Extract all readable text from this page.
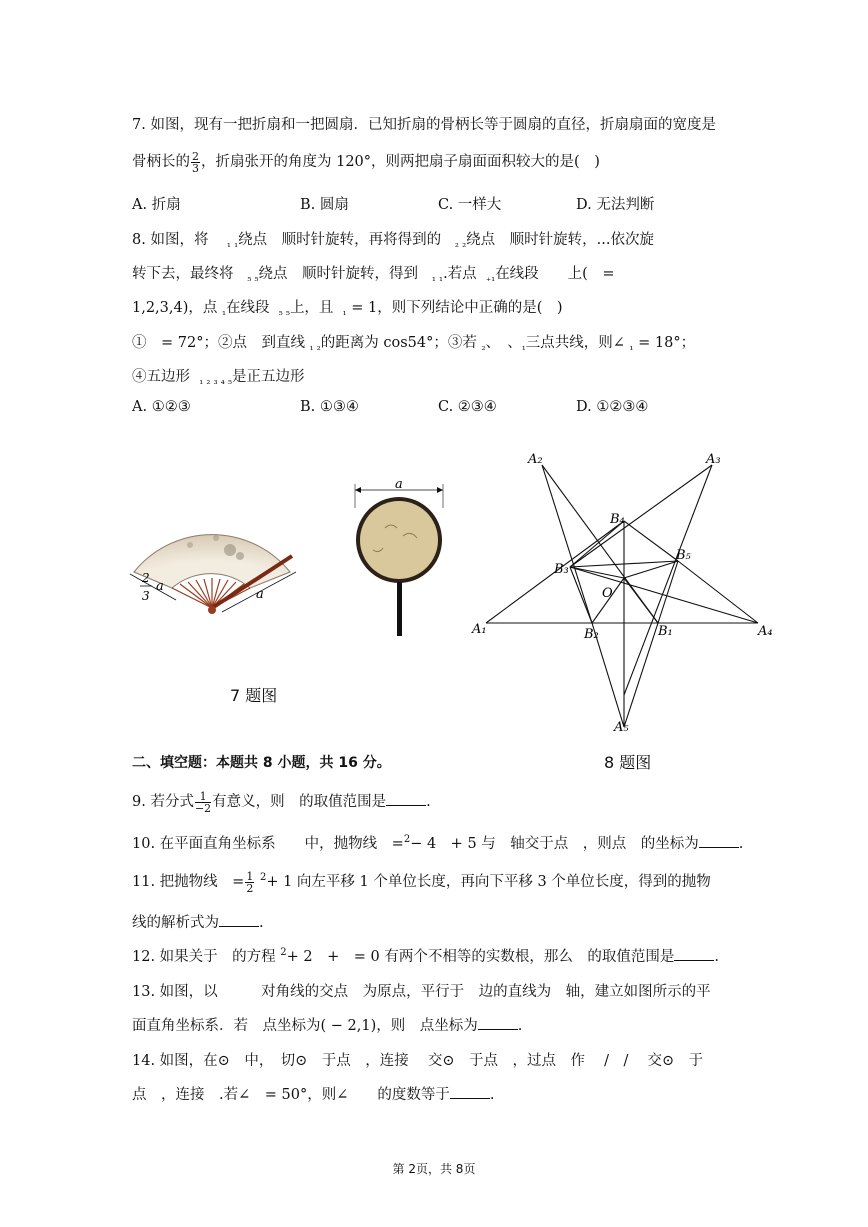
7. 如图，现有一把折扇和一把圆扇．已知折扇的骨柄长等于圆扇的直径，折扇扇面的宽度是
骨柄长的 $\frac{2}{3}$ ，折扇张开的角度为 120°，则两把扇子扇面面积较大的是(　)
A. 折扇	B. 圆扇	C. 一样大	D. 无法判断
8. 如图，将 $_{_1 _1}$绕点　顺时针旋转，再将得到的 $_{_2 _2}$绕点　顺时针旋转，...依次旋
转下去，最终将 $_{_5 _5}$绕点　顺时针旋转，得到 $_{_1 _1}$.若点 $_{_{+1}}$在线段　　上(　=
1,2,3,4)，点 $_{_1}$在线段 $_{_5 _5}$上，且 $_{_1}$ = 1，则下列结论中正确的是(　)
①　= 72°；②点　到直线 $_{_1 _2}$的距离为 cos54°；③若 $_{_2}$、　、$_{_1}$三点共线，则∠ $_{_1}$ = 18°；
④五边形 $_{_1 _2 _3 _4 _5}$是正五边形
A. ①②③	B. ①③④	C. ②③④	D. ①②③④
2
3
a
a
a
7 题图
A₂	A₃
A₁	A₄
A₅
B₄
B₅
B₃
B₂	B₁
O
二、填空题：本题共 8 小题，共 16 分。	8 题图
9. 若分式 $\frac{1}{-2}$ 有意义，则　的取值范围是	.
10. 在平面直角坐标系　　中，抛物线　=$^2$− 4　+ 5 与　轴交于点　，则点　的坐标为	.
11. 把抛物线　= $\frac{1}{2} ^2+ 1$ 向左平移 1 个单位长度，再向下平移 3 个单位长度，得到的抛物
线的解析式为	.
12. 如果关于　的方程 $^2$+ 2　+　= 0 有两个不相等的实数根，那么　的取值范围是	.
13. 如图，以　　　对角线的交点　为原点，平行于　边的直线为　轴，建立如图所示的平
面直角坐标系．若　点坐标为( − 2,1)，则　点坐标为	.
14. 如图，在⊙　中，　切⊙　于点　，连接　 交⊙　于点　，过点　作　 /　/　 交⊙　于
点　，连接　.若∠　= 50°，则∠　　的度数等于	.
第 2页，共 8页
